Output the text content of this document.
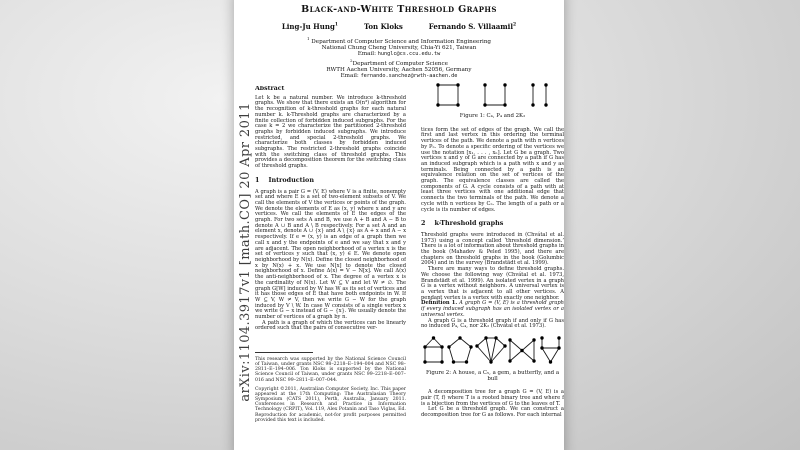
arXiv:1104.3917v1 [math.CO] 20 Apr 2011
Black-and-White Threshold Graphs
Ling-Ju Hung$^1$	Ton Kloks	Fernando S. Villaamil$^2$
$^1$ Department of Computer Science and Information Engineering
National Chung Cheng University, Chia-Yi 621, Taiwan
Email: hunglc@cs.ccu.edu.tw
$^2$Department of Computer Science
RWTH Aachen University, Aachen 52056, Germany
Email: fernando.sanchez@rwth-aachen.de
Abstract

Let k be a natural number. We introduce k-threshold graphs. We show that there exists an O(n³) algorithm for the recognition of k-threshold graphs for each natural number k. k-Threshold graphs are characterized by a finite collection of forbidden induced subgraphs. For the case k = 2 we characterize the partitioned 2-threshold graphs by forbidden induced subgraphs. We introduce restricted, and special 2-threshold graphs. We characterize both classes by forbidden induced subgraphs. The restricted 2-threshold graphs coincide with the switching class of threshold graphs. This provides a decomposition theorem for the switching class of threshold graphs.

1 Introduction

A graph is a pair G = (V, E) where V is a finite, nonempty set and where E is a set of two-element subsets of V. We call the elements of V the vertices or points of the graph. We denote the elements of E as (x, y) where x and y are vertices. We call the elements of E the edges of the graph. For two sets A and B, we use A + B and A − B to denote A ∪ B and A \ B respectively. For a set A and an element x, denote A ∪ {x} and A \ {x} as A + x and A − x respectively. If e = (x, y) is an edge of a graph then we call x and y the endpoints of e and we say that x and y are adjacent. The open neighborhood of a vertex x is the set of vertices y such that (x, y) ∈ E. We denote open neighborhood by N(x). Define the closed neighborhood of x by N(x) + x. We use N[x] to denote the closed neighborhood of x. Define Δ(x) = V − N[x]. We call Δ(x) the anti-neighborhood of x. The degree of a vertex x is the cardinality of N(x). Let W ⊆ V and let W ≠ ∅. The graph G[W] induced by W has W as its set of vertices and it has those edges of E that have both endpoints in W. If W ⊆ V, W ≠ V, then we write G − W for the graph induced by V \ W. In case W consists of a single vertex x we write G − x instead of G − {x}. We usually denote the number of vertices of a graph by n.

A path is a graph of which the vertices can be linearly ordered such that the pairs of consecutive ver-

This research was supported by the National Science Council of Taiwan, under grants NSC 98–2218–E–194–004 and NSC 98–2811–E–194–006. Ton Kloks is supported by the National Science Council of Taiwan, under grants NSC 99–2218–E–007–016 and NSC 99–2811–E–007–044.

Copyright ©2011, Australian Computer Society, Inc. This paper appeared at the 17th Computing: The Australasian Theory Symposium (CATS 2011), Perth, Australia, January 2011. Conferences in Research and Practice in Information Technology (CRPIT), Vol. 119, Alex Potanin and Taso Viglas, Ed. Reproduction for academic, not-for profit purposes permitted provided this text is included.

Figure 1: C₄, P₄ and 2K₂

tices form the set of edges of the graph. We call the first and last vertex in this ordering the terminal vertices of the path. We denote a path with n vertices by Pₙ. To denote a specific ordering of the vertices we use the notation [x₁, . . . , xₙ]. Let G be a graph. Two vertices x and y of G are connected by a path if G has an induced subgraph which is a path with x and y as terminals. Being connected by a path is an equivalence relation on the set of vertices of the graph. The equivalence classes are called the components of G. A cycle consists of a path with at least three vertices with one additional edge that connects the two terminals of the path. We denote a cycle with n vertices by Cₙ. The length of a path or a cycle is its number of edges.

2 k-Threshold graphs

Threshold graphs were introduced in (Chvátal et al. 1973) using a concept called ‘threshold dimension.’ There is a lot of information about threshold graphs in the book (Mahadev & Peled 1995), and there are chapters on threshold graphs in the book (Golumbic 2004) and in the survey (Brandstädt et al. 1999).

There are many ways to define threshold graphs. We choose the following way (Chvátal et al. 1973, Brandstädt et al. 1999). An isolated vertex in a graph G is a vertex without neighbors. A universal vertex is a vertex that is adjacent to all other vertices. A pendant vertex is a vertex with exactly one neighbor.

Definition 1. A graph G = (V, E) is a threshold graph if every induced subgraph has an isolated vertex or a universal vertex.

A graph G is a threshold graph if and only if G has no induced P₄, C₄, nor 2K₂ (Chvátal et al. 1973).

Figure 2: A house, a C₅, a gem, a butterfly, and a bull

A decomposition tree for a graph G = (V, E) is a pair (T, f) where T is a rooted binary tree and where f is a bijection from the vertices of G to the leaves of T.

Let G be a threshold graph. We can construct a decomposition tree for G as follows. For each internal
